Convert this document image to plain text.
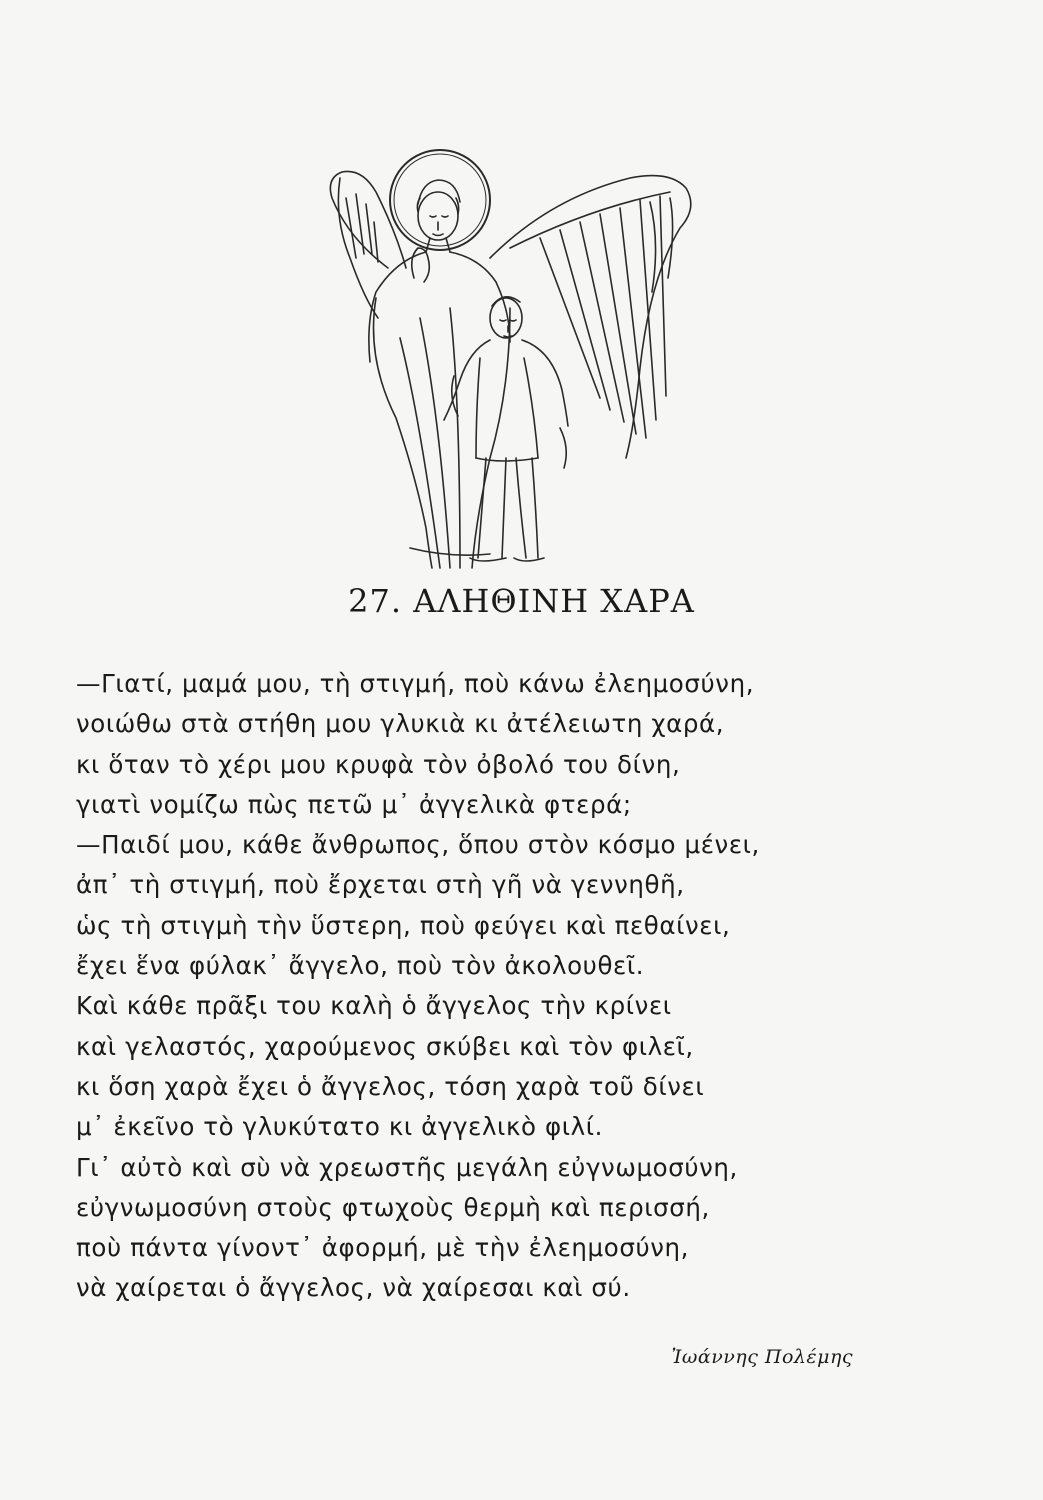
27. ΑΛΗΘΙΝΗ ΧΑΡΑ
—Γιατί, μαμά μου, τὴ στιγμή, ποὺ κάνω ἐλεημοσύνη,
νοιώθω στὰ στήθη μου γλυκιὰ κι ἀτέλειωτη χαρά,
κι ὅταν τὸ χέρι μου κρυφὰ τὸν ὀβολό του δίνη,
γιατὶ νομίζω πὼς πετῶ μ᾿ ἀγγελικὰ φτερά;
—Παιδί μου, κάθε ἄνθρωπος, ὅπου στὸν κόσμο μένει,
ἀπ᾿ τὴ στιγμή, ποὺ ἔρχεται στὴ γῆ νὰ γεννηθῆ,
ὡς τὴ στιγμὴ τὴν ὕστερη, ποὺ φεύγει καὶ πεθαίνει,
ἔχει ἕνα φύλακ᾿ ἄγγελο, ποὺ τὸν ἀκολουθεῖ.
Καὶ κάθε πρᾶξι του καλὴ ὁ ἄγγελος τὴν κρίνει
καὶ γελαστός, χαρούμενος σκύβει καὶ τὸν φιλεῖ,
κι ὅση χαρὰ ἔχει ὁ ἄγγελος, τόση χαρὰ τοῦ δίνει
μ᾿ ἐκεῖνο τὸ γλυκύτατο κι ἀγγελικὸ φιλί.
Γι᾿ αὐτὸ καὶ σὺ νὰ χρεωστῆς μεγάλη εὐγνωμοσύνη,
εὐγνωμοσύνη στοὺς φτωχοὺς θερμὴ καὶ περισσή,
ποὺ πάντα γίνοντ᾿ ἀφορμή, μὲ τὴν ἐλεημοσύνη,
νὰ χαίρεται ὁ ἄγγελος, νὰ χαίρεσαι καὶ σύ.
Ἰωάννης Πολέμης
